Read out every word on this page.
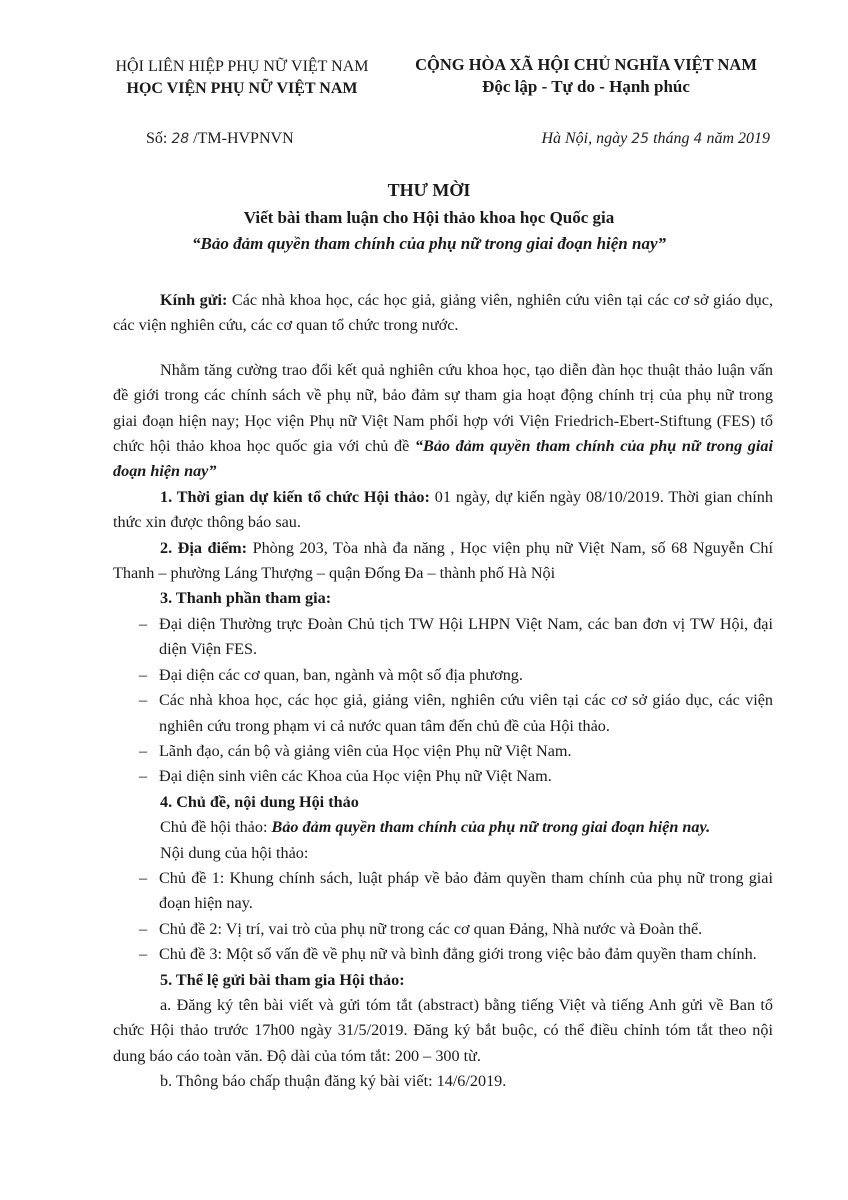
HỘI LIÊN HIỆP PHỤ NỮ VIỆT NAM
HỌC VIỆN PHỤ NỮ VIỆT NAM
CỘNG HÒA XÃ HỘI CHỦ NGHĨA VIỆT NAM
Độc lập - Tự do - Hạnh phúc
Số: 28 /TM-HVPNVN	Hà Nội, ngày 25 tháng 4 năm 2019
THƯ MỜI
Viết bài tham luận cho Hội thảo khoa học Quốc gia
“Bảo đảm quyền tham chính của phụ nữ trong giai đoạn hiện nay”

Kính gửi: Các nhà khoa học, các học giả, giảng viên, nghiên cứu viên tại các cơ sở giáo dục, các viện nghiên cứu, các cơ quan tổ chức trong nước.

Nhằm tăng cường trao đổi kết quả nghiên cứu khoa học, tạo diễn đàn học thuật thảo luận vấn đề giới trong các chính sách về phụ nữ, bảo đảm sự tham gia hoạt động chính trị của phụ nữ trong giai đoạn hiện nay; Học viện Phụ nữ Việt Nam phối hợp với Viện Friedrich-Ebert-Stiftung (FES) tổ chức hội thảo khoa học quốc gia với chủ đề “Bảo đảm quyền tham chính của phụ nữ trong giai đoạn hiện nay”

1. Thời gian dự kiến tổ chức Hội thảo: 01 ngày, dự kiến ngày 08/10/2019. Thời gian chính thức xin được thông báo sau.

2. Địa điểm: Phòng 203, Tòa nhà đa năng , Học viện phụ nữ Việt Nam, số 68 Nguyễn Chí Thanh – phường Láng Thượng – quận Đống Đa – thành phố Hà Nội

3. Thanh phần tham gia:

– Đại diện Thường trực Đoàn Chủ tịch TW Hội LHPN Việt Nam, các ban đơn vị TW Hội, đại diện Viện FES.
– Đại diện các cơ quan, ban, ngành và một số địa phương.
– Các nhà khoa học, các học giả, giảng viên, nghiên cứu viên tại các cơ sở giáo dục, các viện nghiên cứu trong phạm vi cả nước quan tâm đến chủ đề của Hội thảo.
– Lãnh đạo, cán bộ và giảng viên của Học viện Phụ nữ Việt Nam.
– Đại diện sinh viên các Khoa của Học viện Phụ nữ Việt Nam.

4. Chủ đề, nội dung Hội thảo

Chủ đề hội thảo: Bảo đảm quyền tham chính của phụ nữ trong giai đoạn hiện nay.

Nội dung của hội thảo:

– Chủ đề 1: Khung chính sách, luật pháp về bảo đảm quyền tham chính của phụ nữ trong giai đoạn hiện nay.
– Chủ đề 2: Vị trí, vai trò của phụ nữ trong các cơ quan Đảng, Nhà nước và Đoàn thể.
– Chủ đề 3: Một số vấn đề về phụ nữ và bình đẳng giới trong việc bảo đảm quyền tham chính.

5. Thể lệ gửi bài tham gia Hội thảo:

a. Đăng ký tên bài viết và gửi tóm tắt (abstract) bằng tiếng Việt và tiếng Anh gửi về Ban tổ chức Hội thảo trước 17h00 ngày 31/5/2019. Đăng ký bắt buộc, có thể điều chỉnh tóm tắt theo nội dung báo cáo toàn văn. Độ dài của tóm tắt: 200 – 300 từ.

b. Thông báo chấp thuận đăng ký bài viết: 14/6/2019.
